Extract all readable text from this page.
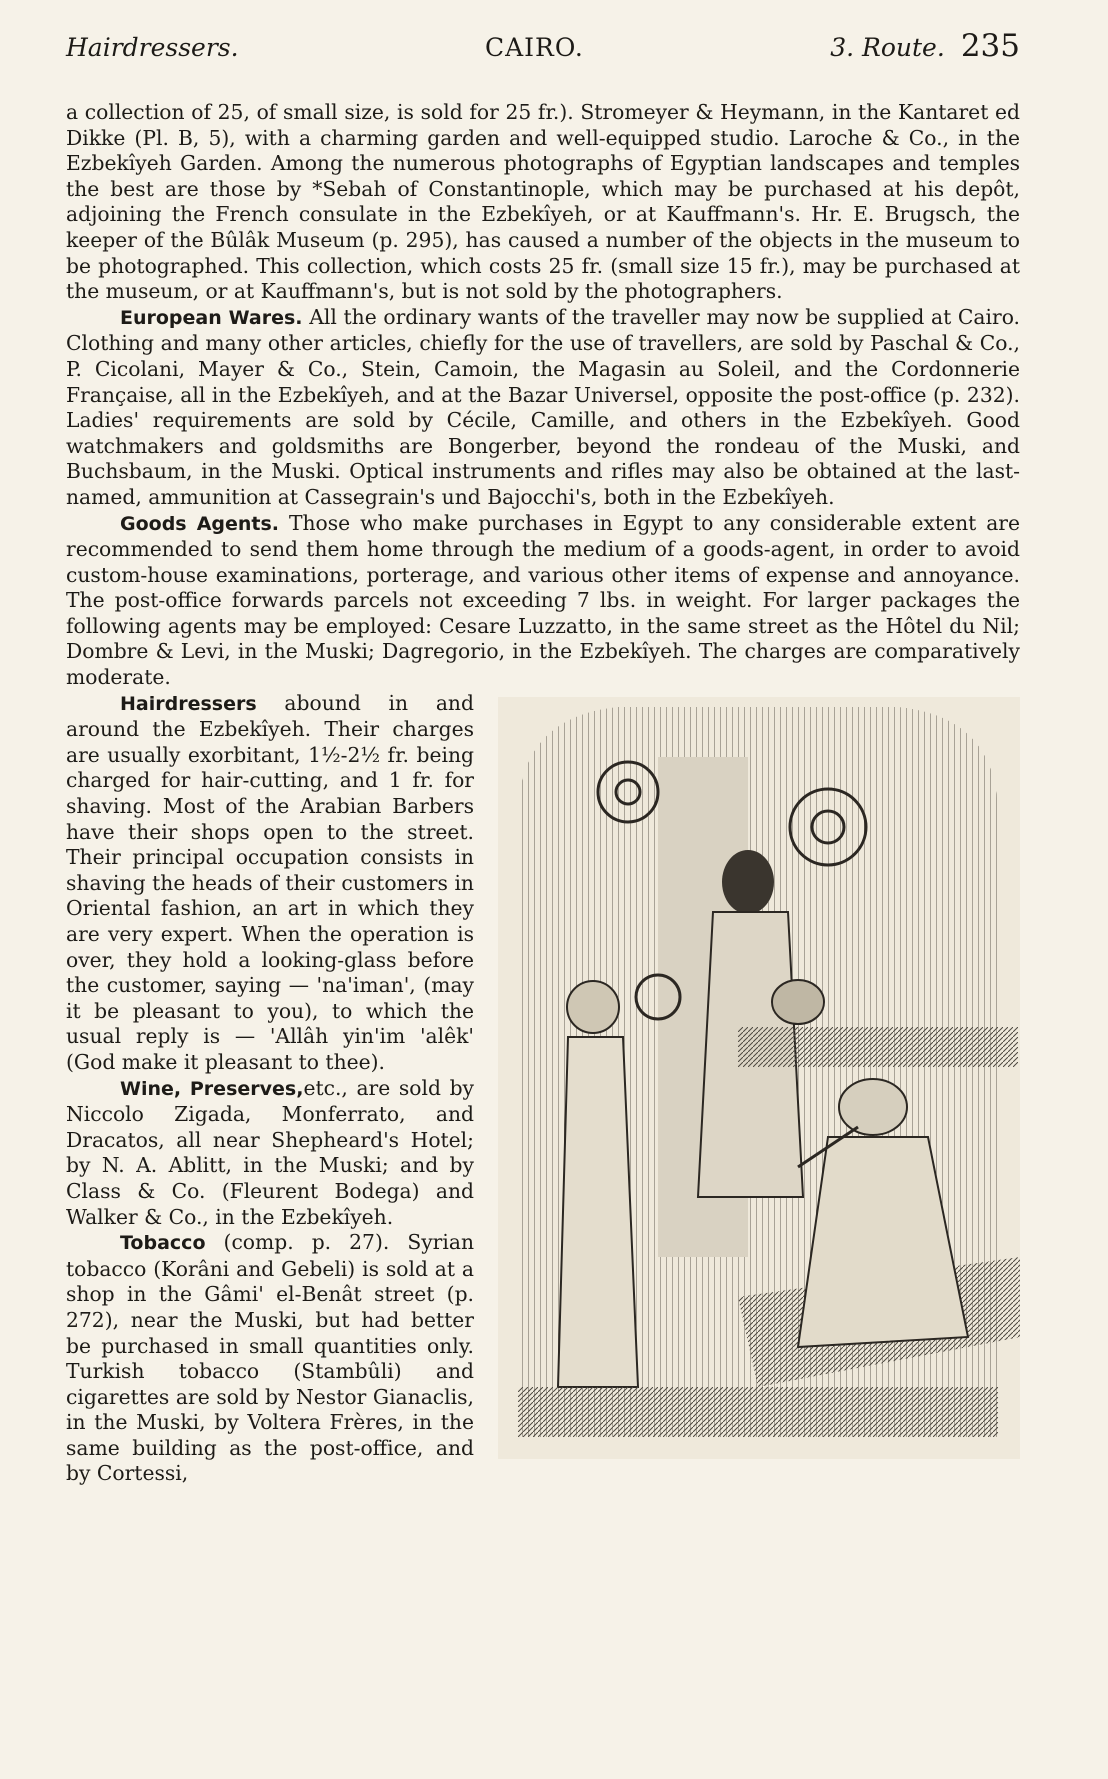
Hairdressers.	CAIRO.	3. Route. 235

a collection of 25, of small size, is sold for 25 fr.). Stromeyer & Heymann, in the Kantaret ed Dikke (Pl. B, 5), with a charming garden and well-equipped studio. Laroche & Co., in the Ezbekîyeh Garden. Among the numerous photographs of Egyptian landscapes and temples the best are those by *Sebah of Constantinople, which may be purchased at his depôt, adjoining the French consulate in the Ezbekîyeh, or at Kauffmann's. Hr. E. Brugsch, the keeper of the Bûlâk Museum (p. 295), has caused a number of the objects in the museum to be photographed. This collection, which costs 25 fr. (small size 15 fr.), may be purchased at the museum, or at Kauffmann's, but is not sold by the photographers.

European Wares. All the ordinary wants of the traveller may now be supplied at Cairo. Clothing and many other articles, chiefly for the use of travellers, are sold by Paschal & Co., P. Cicolani, Mayer & Co., Stein, Camoin, the Magasin au Soleil, and the Cordonnerie Française, all in the Ezbekîyeh, and at the Bazar Universel, opposite the post-office (p. 232). Ladies' requirements are sold by Cécile, Camille, and others in the Ezbekîyeh. Good watchmakers and goldsmiths are Bongerber, beyond the rondeau of the Muski, and Buchsbaum, in the Muski. Optical instruments and rifles may also be obtained at the last-named, ammunition at Cassegrain's und Bajocchi's, both in the Ezbekîyeh.

Goods Agents. Those who make purchases in Egypt to any considerable extent are recommended to send them home through the medium of a goods-agent, in order to avoid custom-house examinations, porterage, and various other items of expense and annoyance. The post-office forwards parcels not exceeding 7 lbs. in weight. For larger packages the following agents may be employed: Cesare Luzzatto, in the same street as the Hôtel du Nil; Dombre & Levi, in the Muski; Dagregorio, in the Ezbekîyeh. The charges are comparatively moderate.

Hairdressers abound in and around the Ezbekîyeh. Their charges are usually exorbitant, 1½-2½ fr. being charged for hair-cutting, and 1 fr. for shaving. Most of the Arabian Barbers have their shops open to the street. Their principal occupation consists in shaving the heads of their customers in Oriental fashion, an art in which they are very expert. When the operation is over, they hold a looking-glass before the customer, saying — 'na'iman', (may it be pleasant to you), to which the usual reply is — 'Allâh yin'im 'alêk' (God make it pleasant to thee).

Wine, Preserves,etc., are sold by Niccolo Zigada, Monferrato, and Dracatos, all near Shepheard's Hotel; by N. A. Ablitt, in the Muski; and by Class & Co. (Fleurent Bodega) and Walker & Co., in the Ezbekîyeh.

Tobacco (comp. p. 27). Syrian tobacco (Korâni and Gebeli) is sold at a shop in the Gâmi' el-Benât street (p. 272), near the Muski, but had better be purchased in small quantities only. Turkish tobacco (Stambûli) and cigarettes are sold by Nestor Gianaclis, in the Muski, by Voltera Frères, in the same building as the post-office, and by Cortessi,
